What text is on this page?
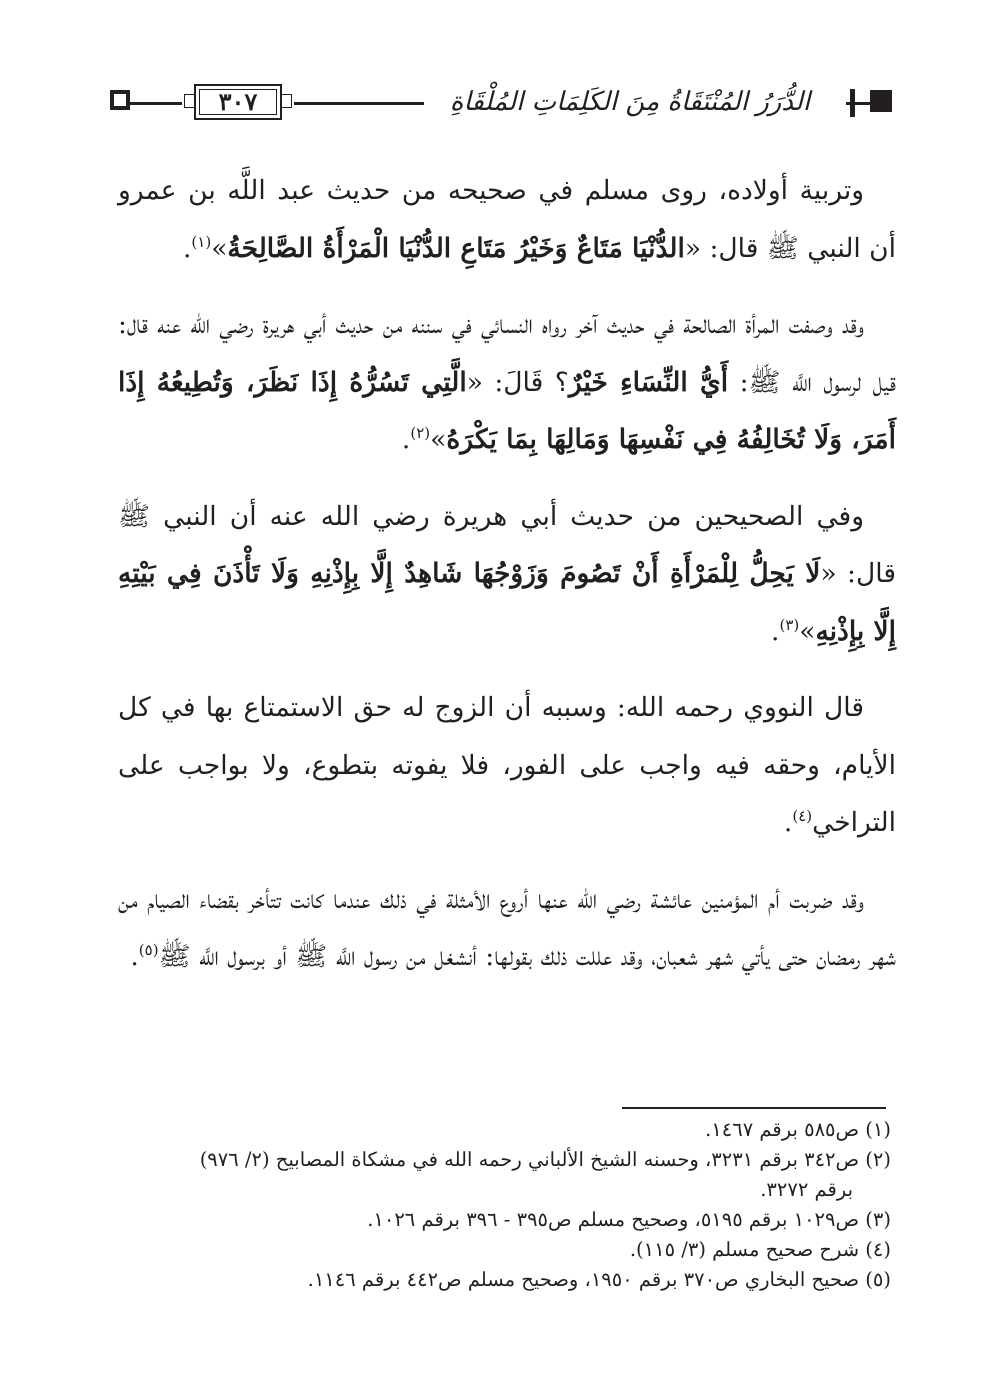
٣٠٧	الدُّرَرُ المُنْتَقَاةُ مِنَ الكَلِمَاتِ المُلْقَاةِ

وتربية أولاده، روى مسلم في صحيحه من حديث عبد اللَّه بن عمرو أن النبي ﷺ قال: «الدُّنْيَا مَتَاعٌ وَخَيْرُ مَتَاعِ الدُّنْيَا الْمَرْأَةُ الصَّالِحَةُ»$^{(١)}$.

وقد وصفت المرأة الصالحة في حديث آخر رواه النسائي في سننه من حديث أبي هريرة رضي الله عنه قال: قيل لرسول اللَّه ﷺ: أَيُّ النِّسَاءِ خَيْرٌ؟ قَالَ: «الَّتِي تَسُرُّهُ إِذَا نَظَرَ، وَتُطِيعُهُ إِذَا أَمَرَ، وَلَا تُخَالِفُهُ فِي نَفْسِهَا وَمَالِهَا بِمَا يَكْرَهُ»$^{(٢)}$.

وفي الصحيحين من حديث أبي هريرة رضي الله عنه أن النبي ﷺ قال: «لَا يَحِلُّ لِلْمَرْأَةِ أَنْ تَصُومَ وَزَوْجُهَا شَاهِدٌ إِلَّا بِإِذْنِهِ وَلَا تَأْذَنَ فِي بَيْتِهِ إِلَّا بِإِذْنِهِ»$^{(٣)}$.

قال النووي رحمه الله: وسببه أن الزوج له حق الاستمتاع بها في كل الأيام، وحقه فيه واجب على الفور، فلا يفوته بتطوع، ولا بواجب على التراخي$^{(٤)}$.

وقد ضربت أم المؤمنين عائشة رضي الله عنها أروع الأمثلة في ذلك عندما كانت تتأخر بقضاء الصيام من شهر رمضان حتى يأتي شهر شعبان، وقد عللت ذلك بقولها: أنشغل من رسول اللَّه ﷺ أو برسول اللَّه ﷺ$^{(٥)}$.

(١) ص٥٨٥ برقم ١٤٦٧.
(٢) ص٣٤٢ برقم ٣٢٣١، وحسنه الشيخ الألباني رحمه الله في مشكاة المصابيح (٢/ ٩٧٦)
برقم ٣٢٧٢.
(٣) ص١٠٢٩ برقم ٥١٩٥، وصحيح مسلم ص٣٩٥ - ٣٩٦ برقم ١٠٢٦.
(٤) شرح صحيح مسلم (٣/ ١١٥).
(٥) صحيح البخاري ص٣٧٠ برقم ١٩٥٠، وصحيح مسلم ص٤٤٢ برقم ١١٤٦.
